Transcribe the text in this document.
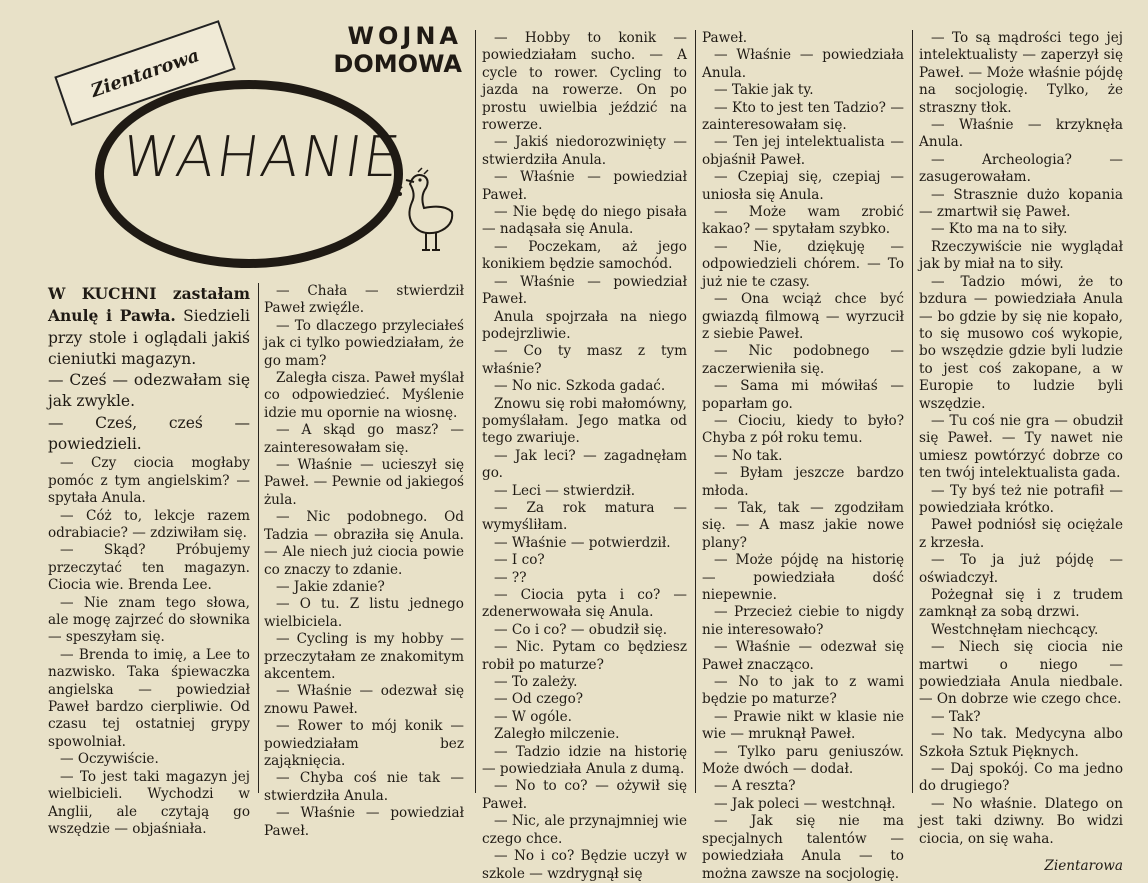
Zientarowa
WAHANIE
WOJNA
DOMOWA

W KUCHNI zastałam Anulę i Pawła. Siedzieli przy stole i oglądali jakiś cieniutki magazyn.

— Cześ — odezwałam się jak zwykle.

— Cześ, cześ — powiedzieli.

— Czy ciocia mogłaby pomóc z tym angielskim? — spytała Anula.

— Cóż to, lekcje razem odrabiacie? — zdziwiłam się.

— Skąd? Próbujemy przeczytać ten magazyn. Ciocia wie. Brenda Lee.

— Nie znam tego słowa, ale mogę zajrzeć do słownika — speszyłam się.

— Brenda to imię, a Lee to nazwisko. Taka śpiewaczka angielska — powiedział Paweł bardzo cierpliwie. Od czasu tej ostatniej grypy spowolniał.

— Oczywiście.

— To jest taki magazyn jej wielbicieli. Wychodzi w Anglii, ale czytają go wszędzie — objaśniała.

— Chała — stwierdził Paweł zwięźle.

— To dlaczego przyleciałeś jak ci tylko powiedziałam, że go mam?

Zaległa cisza. Paweł myślał co odpowiedzieć. Myślenie idzie mu opornie na wiosnę.

— A skąd go masz? — zainteresowałam się.

— Właśnie — ucieszył się Paweł. — Pewnie od jakiegoś żula.

— Nic podobnego. Od Tadzia — obraziła się Anula. — Ale niech już ciocia powie co znaczy to zdanie.

— Jakie zdanie?

— O tu. Z listu jednego wielbiciela.

— Cycling is my hobby — przeczytałam ze znakomitym akcentem.

— Właśnie — odezwał się znowu Paweł.

— Rower to mój konik — powiedziałam bez zająknięcia.

— Chyba coś nie tak — stwierdziła Anula.

— Właśnie — powiedział Paweł.

— Hobby to konik — powiedziałam sucho. — A cycle to rower. Cycling to jazda na rowerze. On po prostu uwielbia jeździć na rowerze.

— Jakiś niedorozwinięty — stwierdziła Anula.

— Właśnie — powiedział Paweł.

— Nie będę do niego pisała — nadąsała się Anula.

— Poczekam, aż jego konikiem będzie samochód.

— Właśnie — powiedział Paweł.

Anula spojrzała na niego podejrzliwie.

— Co ty masz z tym właśnie?

— No nic. Szkoda gadać.

Znowu się robi małomówny, pomyślałam. Jego matka od tego zwariuje.

— Jak leci? — zagadnęłam go.

— Leci — stwierdził.

— Za rok matura — wymyśliłam.

— Właśnie — potwierdził.

— I co?

— ??

— Ciocia pyta i co? — zdenerwowała się Anula.

— Co i co? — obudził się.

— Nic. Pytam co będziesz robił po maturze?

— To zależy.

— Od czego?

— W ogóle.

Zaległo milczenie.

— Tadzio idzie na historię — powiedziała Anula z dumą.

— No to co? — ożywił się Paweł.

— Nic, ale przynajmniej wie czego chce.

— No i co? Będzie uczył w szkole — wzdrygnął się

Paweł.

— Właśnie — powiedziała Anula.

— Takie jak ty.

— Kto to jest ten Tadzio? — zainteresowałam się.

— Ten jej intelektualista — objaśnił Paweł.

— Czepiaj się, czepiaj — uniosła się Anula.

— Może wam zrobić kakao? — spytałam szybko.

— Nie, dziękuję — odpowiedzieli chórem. — To już nie te czasy.

— Ona wciąż chce być gwiazdą filmową — wyrzucił z siebie Paweł.

— Nic podobnego — zaczerwieniła się.

— Sama mi mówiłaś — poparłam go.

— Ciociu, kiedy to było? Chyba z pół roku temu.

— No tak.

— Byłam jeszcze bardzo młoda.

— Tak, tak — zgodziłam się. — A masz jakie nowe plany?

— Może pójdę na historię — powiedziała dość niepewnie.

— Przecież ciebie to nigdy nie interesowało?

— Właśnie — odezwał się Paweł znacząco.

— No to jak to z wami będzie po maturze?

— Prawie nikt w klasie nie wie — mruknął Paweł.

— Tylko paru geniuszów. Może dwóch — dodał.

— A reszta?

— Jak poleci — westchnął.

— Jak się nie ma specjalnych talentów — powiedziała Anula — to można zawsze na socjologię.

— To są mądrości tego jej intelektualisty — zaperzył się Paweł. — Może właśnie pójdę na socjologię. Tylko, że straszny tłok.

— Właśnie — krzyknęła Anula.

— Archeologia? — zasugerowałam.

— Strasznie dużo kopania — zmartwił się Paweł.

— Kto ma na to siły.

Rzeczywiście nie wyglądał jak by miał na to siły.

— Tadzio mówi, że to bzdura — powiedziała Anula — bo gdzie by się nie kopało, to się musowo coś wykopie, bo wszędzie gdzie byli ludzie to jest coś zakopane, a w Europie to ludzie byli wszędzie.

— Tu coś nie gra — obudził się Paweł. — Ty nawet nie umiesz powtórzyć dobrze co ten twój intelektualista gada.

— Ty byś też nie potrafił — powiedziała krótko.

Paweł podniósł się ociężale z krzesła.

— To ja już pójdę — oświadczył.

Pożegnał się i z trudem zamknął za sobą drzwi.

Westchnęłam niechcący.

— Niech się ciocia nie martwi o niego — powiedziała Anula niedbale. — On dobrze wie czego chce.

— Tak?

— No tak. Medycyna albo Szkoła Sztuk Pięknych.

— Daj spokój. Co ma jedno do drugiego?

— No właśnie. Dlatego on jest taki dziwny. Bo widzi ciocia, on się waha.

Zientarowa
